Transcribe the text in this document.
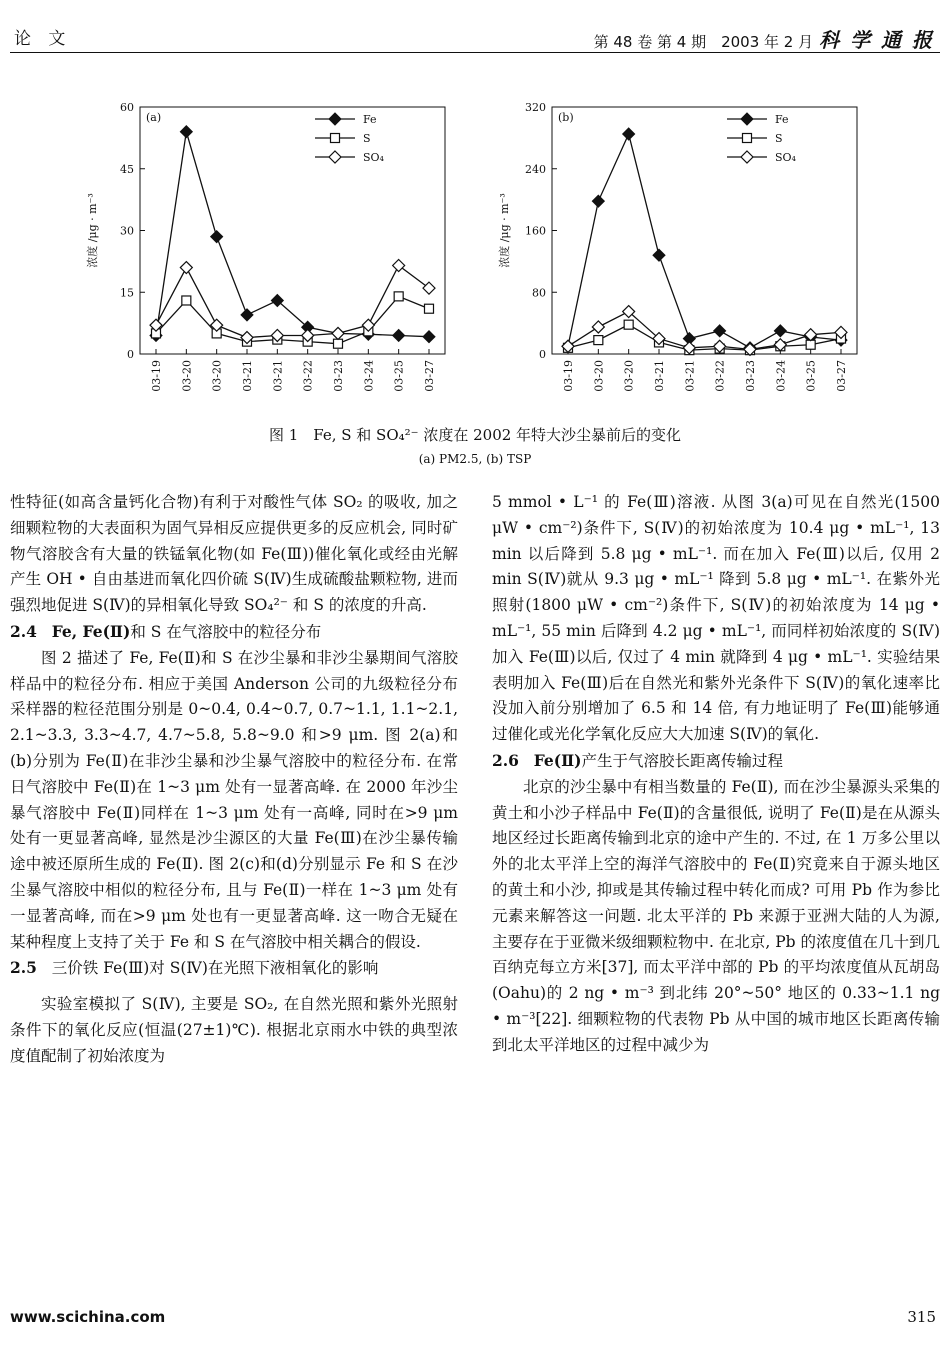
论 文	第 48 卷 第 4 期　2003 年 2 月 科 学 通 报
0
15
30
45
60
浓度 /μg · m⁻³
(a)
03-19 03-20 03-20 03-21 03-21 03-22 03-23 03-24 03-25 03-27
Fe
S
SO₄
0
80
160
240
320
浓度 /μg · m⁻³
(b)
03-19 03-20 03-20 03-21 03-21 03-22 03-23 03-24 03-25 03-27
Fe
S
SO₄
图 1　Fe, S 和 SO₄²⁻ 浓度在 2002 年特大沙尘暴前后的变化
(a) PM2.5, (b) TSP

性特征(如高含量钙化合物)有利于对酸性气体 SO₂ 的吸收, 加之细颗粒物的大表面积为固气异相反应提供更多的反应机会, 同时矿物气溶胶含有大量的铁锰氧化物(如 Fe(Ⅲ))催化氧化或经由光解产生 OH • 自由基进而氧化四价硫 S(Ⅳ)生成硫酸盐颗粒物, 进而强烈地促进 S(Ⅳ)的异相氧化导致 SO₄²⁻ 和 S 的浓度的升高.

2.4 Fe, Fe(Ⅱ)和 S 在气溶胶中的粒径分布

图 2 描述了 Fe, Fe(Ⅱ)和 S 在沙尘暴和非沙尘暴期间气溶胶样品中的粒径分布. 相应于美国 Anderson 公司的九级粒径分布采样器的粒径范围分别是 0~0.4, 0.4~0.7, 0.7~1.1, 1.1~2.1, 2.1~3.3, 3.3~4.7, 4.7~5.8, 5.8~9.0 和>9 μm. 图 2(a)和(b)分别为 Fe(Ⅱ)在非沙尘暴和沙尘暴气溶胶中的粒径分布. 在常日气溶胶中 Fe(Ⅱ)在 1~3 μm 处有一显著高峰. 在 2000 年沙尘暴气溶胶中 Fe(Ⅱ)同样在 1~3 μm 处有一高峰, 同时在>9 μm 处有一更显著高峰, 显然是沙尘源区的大量 Fe(Ⅲ)在沙尘暴传输途中被还原所生成的 Fe(Ⅱ). 图 2(c)和(d)分别显示 Fe 和 S 在沙尘暴气溶胶中相似的粒径分布, 且与 Fe(Ⅱ)一样在 1~3 μm 处有一显著高峰, 而在>9 μm 处也有一更显著高峰. 这一吻合无疑在某种程度上支持了关于 Fe 和 S 在气溶胶中相关耦合的假设.

2.5 三价铁 Fe(Ⅲ)对 S(Ⅳ)在光照下液相氧化的影响

实验室模拟了 S(Ⅳ), 主要是 SO₂, 在自然光照和紫外光照射条件下的氧化反应(恒温(27±1)℃). 根据北京雨水中铁的典型浓度值配制了初始浓度为

5 mmol • L⁻¹ 的 Fe(Ⅲ)溶液. 从图 3(a)可见在自然光(1500 μW • cm⁻²)条件下, S(Ⅳ)的初始浓度为 10.4 μg • mL⁻¹, 13 min 以后降到 5.8 μg • mL⁻¹. 而在加入 Fe(Ⅲ)以后, 仅用 2 min S(Ⅳ)就从 9.3 μg • mL⁻¹ 降到 5.8 μg • mL⁻¹. 在紫外光照射(1800 μW • cm⁻²)条件下, S(Ⅳ)的初始浓度为 14 μg • mL⁻¹, 55 min 后降到 4.2 μg • mL⁻¹, 而同样初始浓度的 S(Ⅳ)加入 Fe(Ⅲ)以后, 仅过了 4 min 就降到 4 μg • mL⁻¹. 实验结果表明加入 Fe(Ⅲ)后在自然光和紫外光条件下 S(Ⅳ)的氧化速率比没加入前分别增加了 6.5 和 14 倍, 有力地证明了 Fe(Ⅲ)能够通过催化或光化学氧化反应大大加速 S(Ⅳ)的氧化.

2.6 Fe(Ⅱ)产生于气溶胶长距离传输过程

北京的沙尘暴中有相当数量的 Fe(Ⅱ), 而在沙尘暴源头采集的黄土和小沙子样品中 Fe(Ⅱ)的含量很低, 说明了 Fe(Ⅱ)是在从源头地区经过长距离传输到北京的途中产生的. 不过, 在 1 万多公里以外的北太平洋上空的海洋气溶胶中的 Fe(Ⅱ)究竟来自于源头地区的黄土和小沙, 抑或是其传输过程中转化而成? 可用 Pb 作为参比元素来解答这一问题. 北太平洋的 Pb 来源于亚洲大陆的人为源, 主要存在于亚微米级细颗粒物中. 在北京, Pb 的浓度值在几十到几百纳克每立方米[37], 而太平洋中部的 Pb 的平均浓度值从瓦胡岛(Oahu)的 2 ng • m⁻³ 到北纬 20°~50° 地区的 0.33~1.1 ng • m⁻³[22]. 细颗粒物的代表物 Pb 从中国的城市地区长距离传输到北太平洋地区的过程中减少为

www.scichina.com	315
